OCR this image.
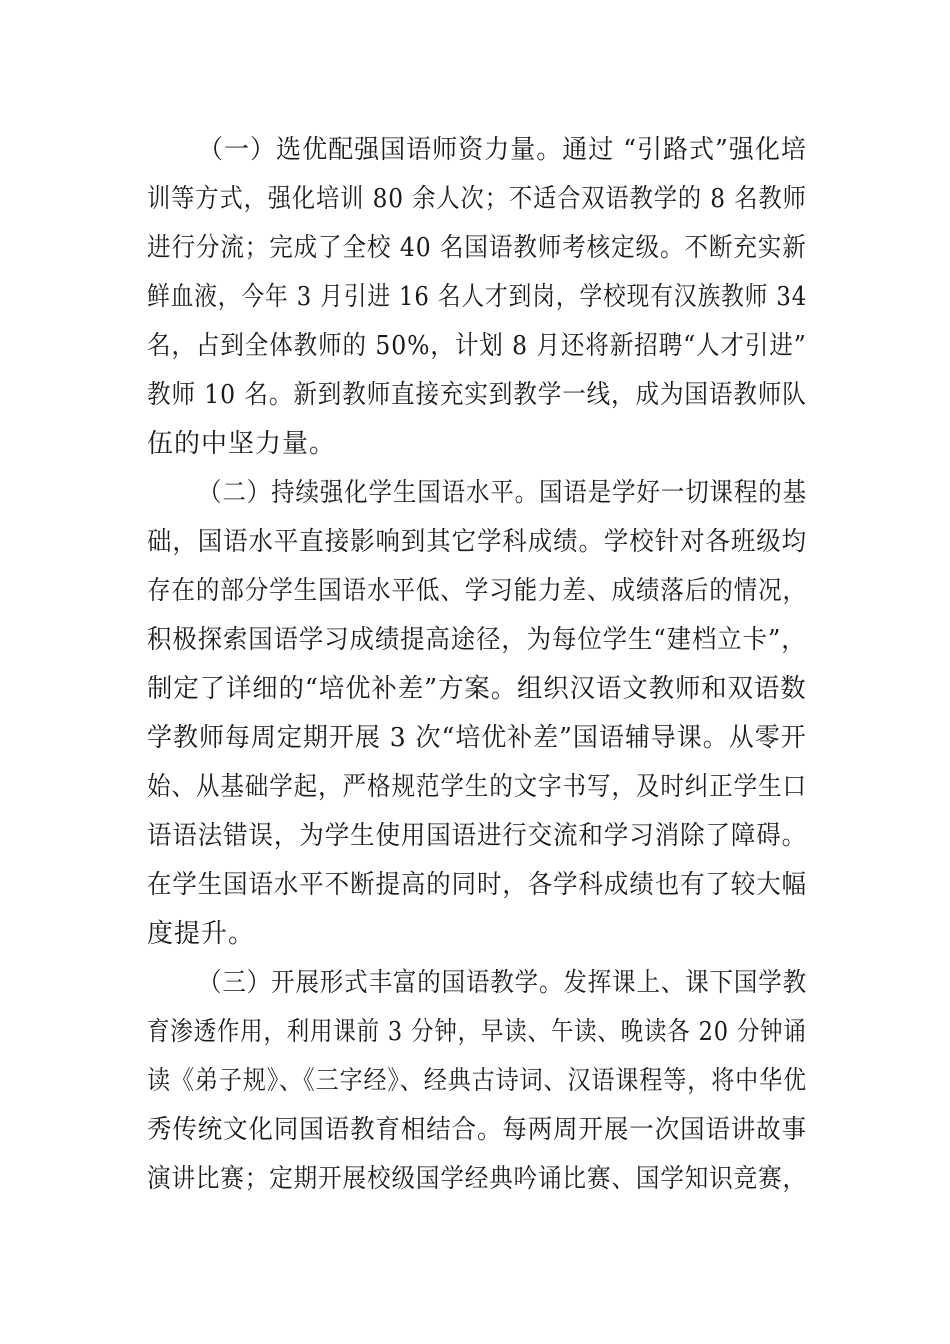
（一）选优配强国语师资力量。通过 “引路式”强化培

训等方式，强化培训 80 余人次；不适合双语教学的 8 名教师

进行分流；完成了全校 40 名国语教师考核定级。不断充实新

鲜血液，今年 3 月引进 16 名人才到岗，学校现有汉族教师 34

名，占到全体教师的 50%，计划 8 月还将新招聘“人才引进”

教师 10 名。新到教师直接充实到教学一线，成为国语教师队

伍的中坚力量。

（二）持续强化学生国语水平。国语是学好一切课程的基

础，国语水平直接影响到其它学科成绩。学校针对各班级均

存在的部分学生国语水平低、学习能力差、成绩落后的情况，

积极探索国语学习成绩提高途径，为每位学生“建档立卡”，

制定了详细的“培优补差”方案。组织汉语文教师和双语数

学教师每周定期开展 3 次“培优补差”国语辅导课。从零开

始、从基础学起，严格规范学生的文字书写，及时纠正学生口

语语法错误，为学生使用国语进行交流和学习消除了障碍。

在学生国语水平不断提高的同时，各学科成绩也有了较大幅

度提升。

（三）开展形式丰富的国语教学。发挥课上、课下国学教

育渗透作用，利用课前 3 分钟，早读、午读、晚读各 20 分钟诵

读《弟子规》、《三字经》、经典古诗词、汉语课程等，将中华优

秀传统文化同国语教育相结合。每两周开展一次国语讲故事

演讲比赛；定期开展校级国学经典吟诵比赛、国学知识竞赛，
